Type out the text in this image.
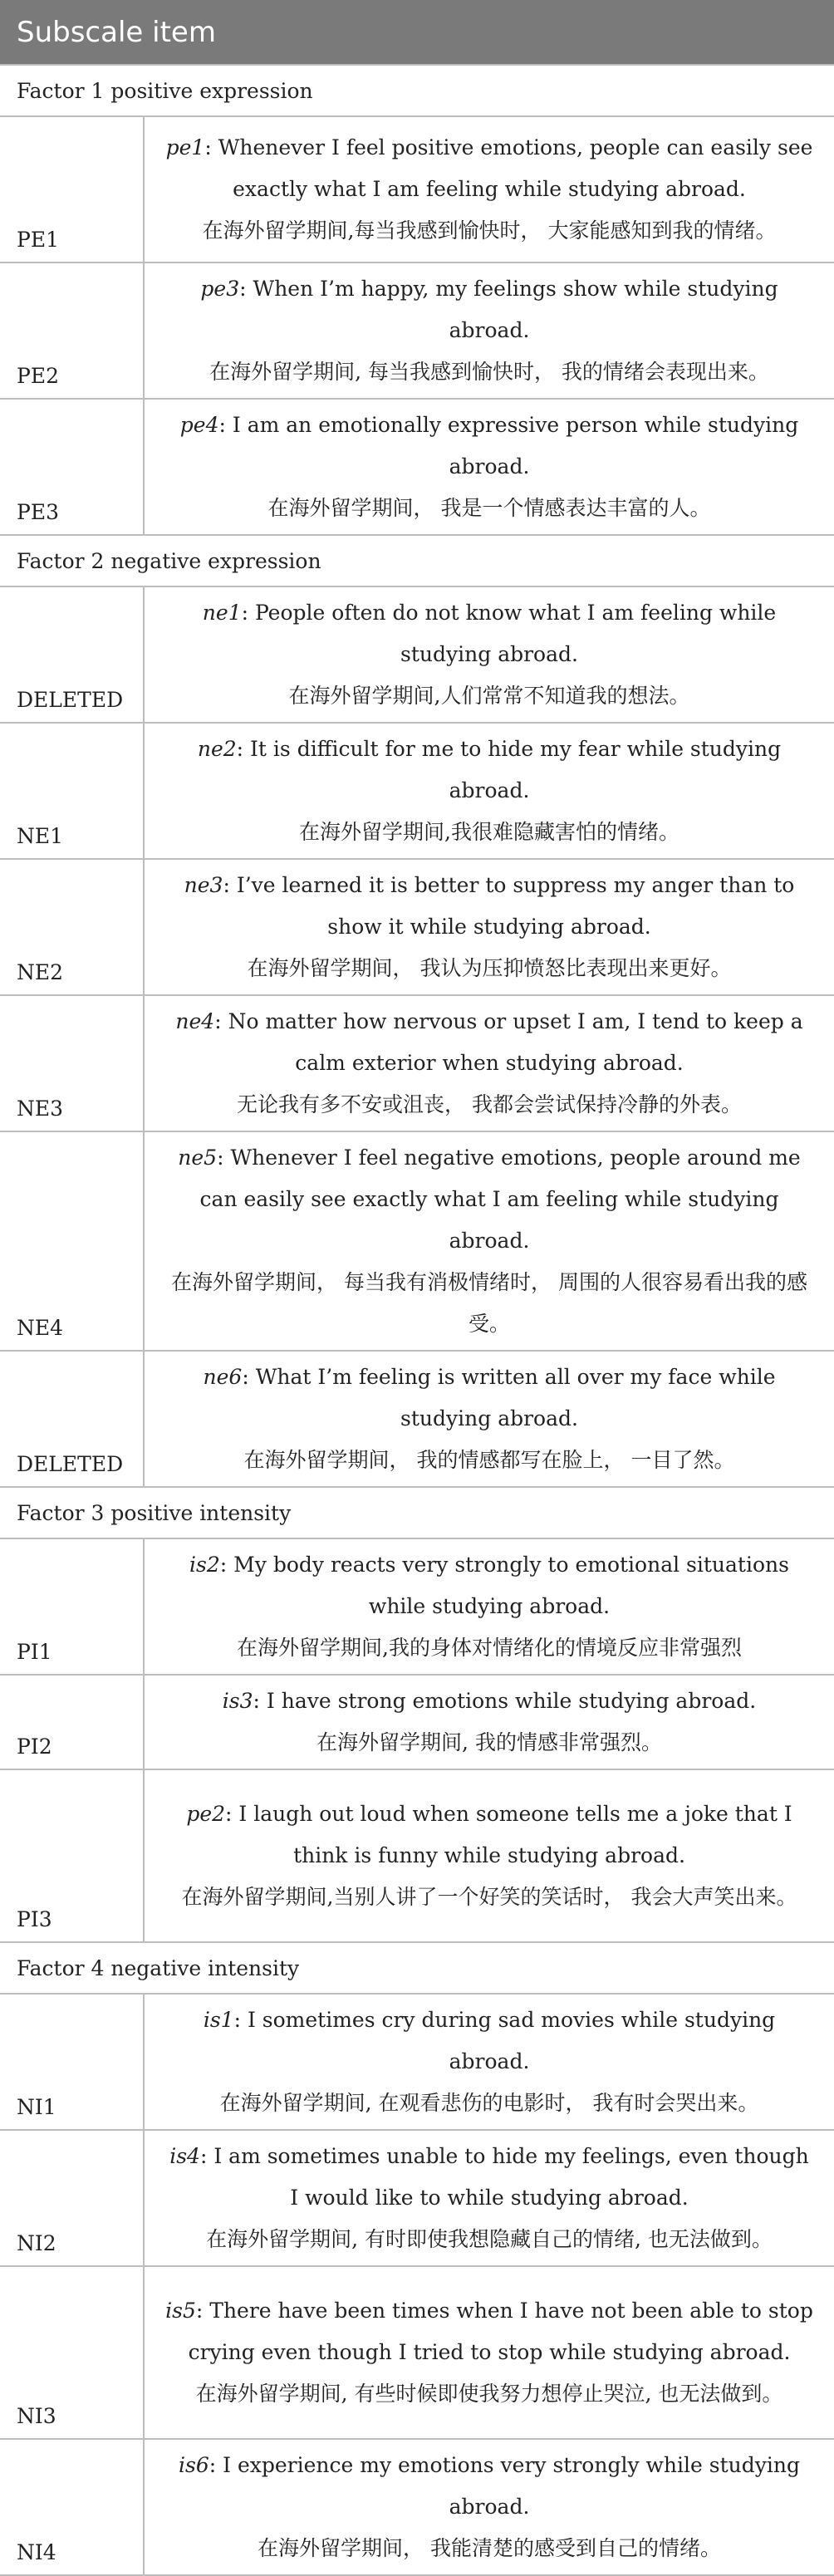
Subscale item	
Factor 1 positive expression	
PE1	pe1: Whenever I feel positive emotions, people can easily see exactly what I am feeling while studying abroad.
在海外留学期间,每当我感到愉快时， 大家能感知到我的情绪。

PE2	pe3: When I’m happy, my feelings show while studying abroad.
在海外留学期间, 每当我感到愉快时， 我的情绪会表现出来。

PE3	pe4: I am an emotionally expressive person while studying abroad.
在海外留学期间， 我是一个情感表达丰富的人。

Factor 2 negative expression	
DELETED	ne1: People often do not know what I am feeling while studying abroad.
在海外留学期间,人们常常不知道我的想法。

NE1	ne2: It is difficult for me to hide my fear while studying abroad.
在海外留学期间,我很难隐藏害怕的情绪。

NE2	ne3: I’ve learned it is better to suppress my anger than to show it while studying abroad.
在海外留学期间， 我认为压抑愤怒比表现出来更好。

NE3	ne4: No matter how nervous or upset I am, I tend to keep a calm exterior when studying abroad.
无论我有多不安或沮丧， 我都会尝试保持冷静的外表。

NE4	ne5: Whenever I feel negative emotions, people around me can easily see exactly what I am feeling while studying abroad.
在海外留学期间， 每当我有消极情绪时， 周围的人很容易看出我的感受。

DELETED	ne6: What I’m feeling is written all over my face while studying abroad.
在海外留学期间， 我的情感都写在脸上， 一目了然。

Factor 3 positive intensity	
PI1	is2: My body reacts very strongly to emotional situations while studying abroad.
在海外留学期间,我的身体对情绪化的情境反应非常强烈

PI2	is3: I have strong emotions while studying abroad.
在海外留学期间, 我的情感非常强烈。

PI3	pe2: I laugh out loud when someone tells me a joke that I think is funny while studying abroad.
在海外留学期间,当别人讲了一个好笑的笑话时， 我会大声笑出来。

Factor 4 negative intensity	
NI1	is1: I sometimes cry during sad movies while studying abroad.
在海外留学期间, 在观看悲伤的电影时， 我有时会哭出来。

NI2	is4: I am sometimes unable to hide my feelings, even though I would like to while studying abroad.
在海外留学期间, 有时即使我想隐藏自己的情绪, 也无法做到。

NI3	is5: There have been times when I have not been able to stop crying even though I tried to stop while studying abroad.
在海外留学期间, 有些时候即使我努力想停止哭泣, 也无法做到。

NI4	is6: I experience my emotions very strongly while studying abroad.
在海外留学期间， 我能清楚的感受到自己的情绪。
